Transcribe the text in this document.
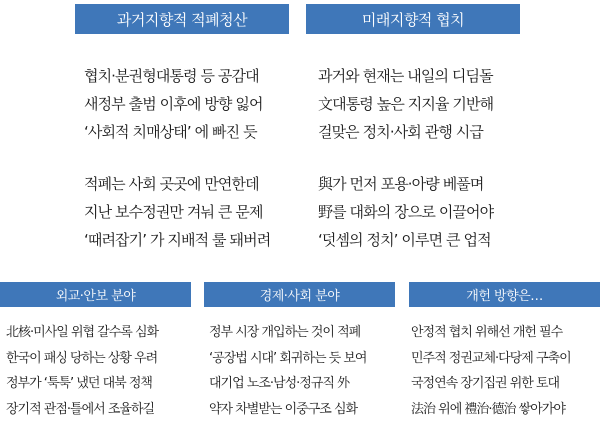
과거지향적 적폐청산	미래지향적 협치
협치·분권형대통령 등 공감대
새정부 출범 이후에 방향 잃어
‘사회적 치매상태’ 에 빠진 듯
적폐는 사회 곳곳에 만연한데
지난 보수정권만 겨눠 큰 문제
‘때려잡기’ 가 지배적 룰 돼버려
과거와 현재는 내일의 디딤돌
文대통령 높은 지지율 기반해
걸맞은 정치·사회 관행 시급
與가 먼저 포용·아량 베풀며
野를 대화의 장으로 이끌어야
‘덧셈의 정치’ 이루면 큰 업적
외교·안보 분야	경제·사회 분야	개헌 방향은…
北核·미사일 위협 갈수록 심화
한국이 패싱 당하는 상황 우려
정부가 ‘툭툭’ 냈던 대북 정책
장기적 관점·틀에서 조율하길
정부 시장 개입하는 것이 적폐
‘공장법 시대’ 회귀하는 듯 보여
대기업 노조·남성·정규직 外
약자 차별받는 이중구조 심화
안정적 협치 위해선 개헌 필수
민주적 정권교체·다당제 구축이
국정연속 장기집권 위한 토대
法治 위에 禮治·德治 쌓아가야
